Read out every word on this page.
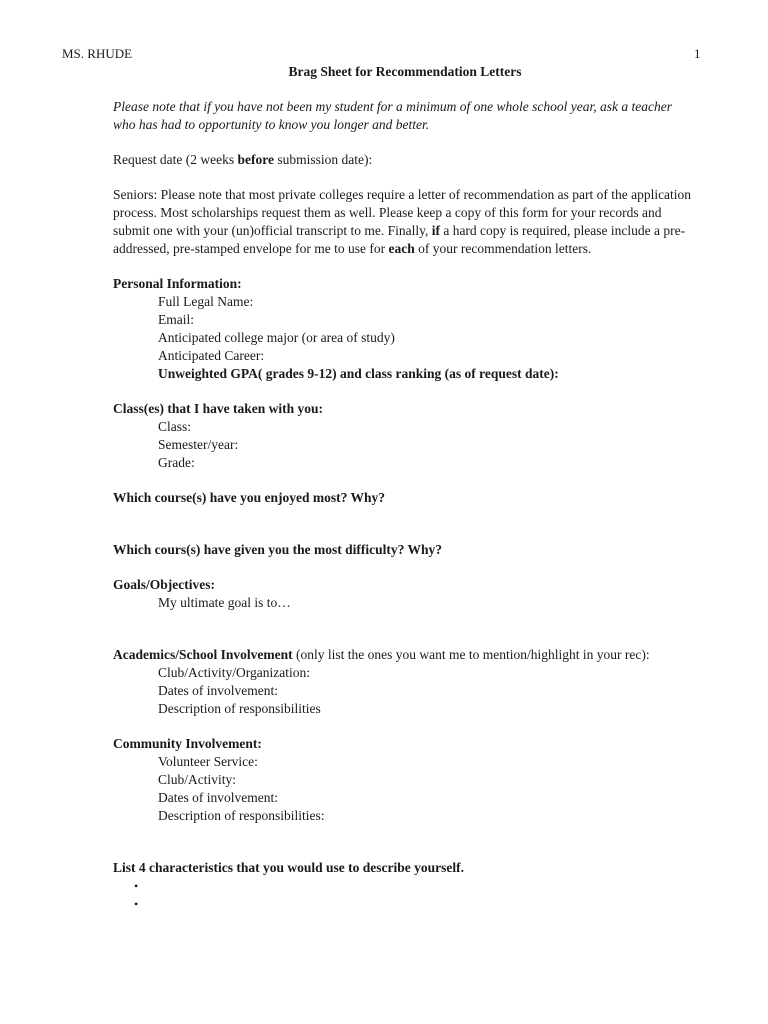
MS. RHUDE	1
Brag Sheet for Recommendation Letters

Please note that if you have not been my student for a minimum of one whole school year, ask a teacher who has had to opportunity to know you longer and better.

Request date (2 weeks before submission date):

Seniors: Please note that most private colleges require a letter of recommendation as part of the application process. Most scholarships request them as well. Please keep a copy of this form for your records and submit one with your (un)official transcript to me. Finally, if a hard copy is required, please include a pre-addressed, pre-stamped envelope for me to use for each of your recommendation letters.

Personal Information:

Full Legal Name:

Email:

Anticipated college major (or area of study)

Anticipated Career:

Unweighted GPA( grades 9-12) and class ranking (as of request date):

Class(es) that I have taken with you:

Class:

Semester/year:

Grade:

Which course(s) have you enjoyed most? Why?

Which cours(s) have given you the most difficulty? Why?

Goals/Objectives:

My ultimate goal is to…

Academics/School Involvement (only list the ones you want me to mention/highlight in your rec):

Club/Activity/Organization:

Dates of involvement:

Description of responsibilities

Community Involvement:

Volunteer Service:

Club/Activity:

Dates of involvement:

Description of responsibilities:

List 4 characteristics that you would use to describe yourself.

•
•
